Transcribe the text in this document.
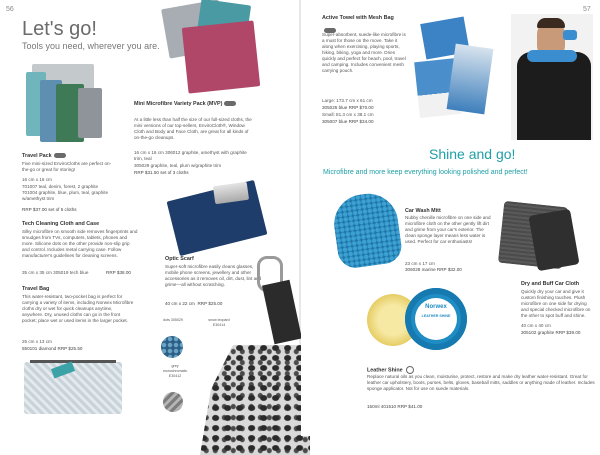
56
Let's go!
Tools you need, wherever you are.
Travel Pack
Five mini-sized EnviroCloths are perfect on-the-go or great for storing!
16 cm x 16 cm
701007 teal, denim, forest, 2 graphite 701004 graphite, blue, plum, teal, graphite w/amethyst trim
RRP $37.00 set of 5 cloths
Mini Microfibre Variety Pack (MVP)
At a little less than half the size of our full-sized cloths, the mini versions of our top-sellers, EnviroCloth®, Window Cloth and Body and Face Cloth, are great for all kinds of on-the-go cleanups.
16 cm x 16 cm 306012 graphite, amethyst with graphite trim, teal
305029 graphite, teal, plum w/graphite trim
RRP $31.50 set of 3 cloths
Tech Cleaning Cloth and Case
Silky microfibre on smooth side removes fingerprints and smudges from TVs, computers, tablets, phones and more. Silicone dots on the other provide non-slip grip and control. Includes metal carrying case. Follow manufacturer's guidelines for cleaning screens.
35 cm x 35 cm 305019 tech blue	RRP $38.00
Travel Bag
This water-resistant, two-pocket bag is perfect for carrying a variety of items, including Norwex Microfibre cloths dry or wet for quick cleanups anytime, anywhere. Dry, unused cloths can go in the front pocket; place wet or used items in the larger pocket.
25 cm x 13 cm
550101 diamond RRP $25.50
Optic Scarf
Super-soft microfibre easily cleans glasses, mobile phone screens, jewellery and other accessories as it removes oil, dirt, dust, lint and grime—all without scratching.
40 cm x 22 cm RRP $25.00
dots 305029	snow leopard E30414
grey monochromatic E30412
57
Active Towel with Mesh Bag
Super-absorbent, suede-like microfibre is a must for those on the move. Take it along when exercising, playing sports, hiking, biking, yoga and more. Dries quickly and perfect for beach, pool, travel and camping. Includes convenient mesh carrying pouch.
Large: 173.7 cm x 61 cm
305025 blue RRP $70.00
Small: 81.3 cm x 38.1 cm
305007 blue RRP $34.00
Shine and go!
Microfibre and more keep everything looking polished and perfect!
Car Wash Mitt
Nubby chenille microfibre on one side and microfibre cloth on the other gently lift dirt and grime from your car's exterior. The clean sponge layer means less water is used. Perfect for car enthusiasts!
23 cm x 17 cm
306028 marine RRP $32.00
Dry and Buff Car Cloth
Quickly dry your car and give it custom finishing touches. Plush microfibre on one side for drying and special checked microfibre on the other to spot buff and shine.
40 cm x 40 cm
305102 graphite RRP $39.00
Norwex
LEATHER SHINE
Leather Shine
Replace natural oils as you clean, moisturise, protect, restore and make dry leather water-resistant. Great for leather car upholstery, boots, purses, belts, gloves, baseball mitts, saddles or anything made of leather. Includes sponge applicator. Not for use on suede materials.
150ml 401510 RRP $41.00
